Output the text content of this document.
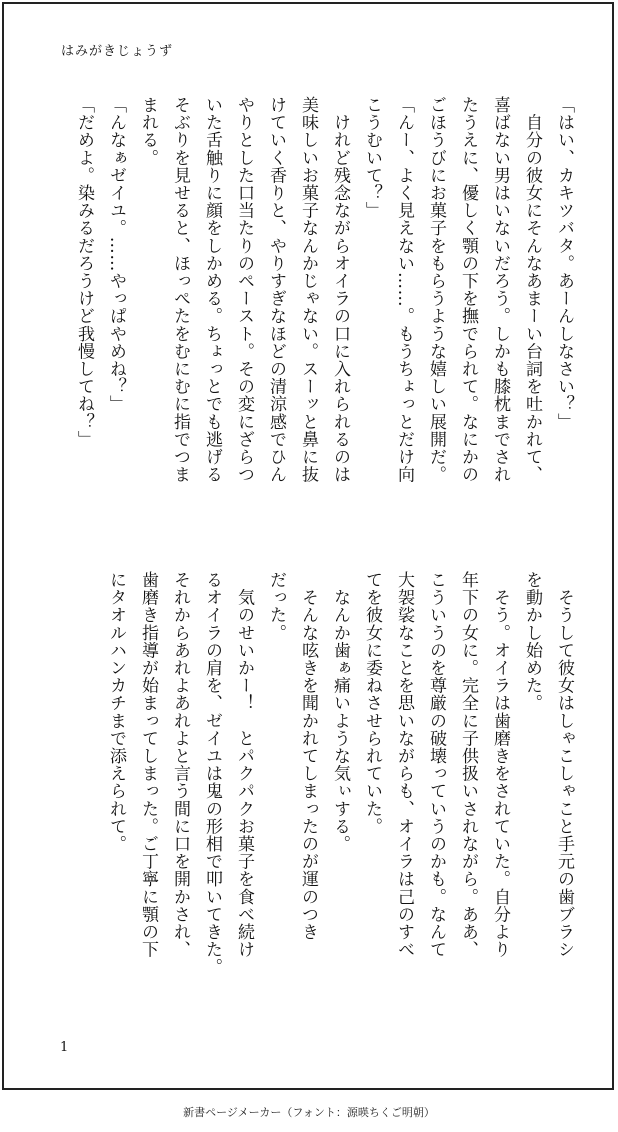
はみがきじょうず
「はい、カキツバタ。あーんしなさい？」
　自分の彼女にそんなあまーい台詞を吐かれて、
喜ばない男はいないだろう。しかも膝枕までされ
たうえに、優しく顎の下を撫でられて。なにかの
ごほうびにお菓子をもらうような嬉しい展開だ。
「んー、よく見えない……。もうちょっとだけ向
こうむいて？」
　けれど残念ながらオイラの口に入れられるのは
美味しいお菓子なんかじゃない。スーッと鼻に抜
けていく香りと、やりすぎなほどの清涼感でひん
やりとした口当たりのペースト。その変にざらつ
いた舌触りに顔をしかめる。ちょっとでも逃げる
そぶりを見せると、ほっぺたをむにむに指でつま
まれる。
「んなぁゼイユ。……やっぱやめね？」
「だめよ。染みるだろうけど我慢してね？」
　そうして彼女はしゃこしゃこと手元の歯ブラシ
を動かし始めた。
　そう。オイラは歯磨きをされていた。自分より
年下の女に。完全に子供扱いされながら。ああ、
こういうのを尊厳の破壊っていうのかも。なんて
大袈裟なことを思いながらも、オイラは己のすべ
てを彼女に委ねさせられていた。
　なんか歯ぁ痛いような気ぃする。
　そんな呟きを聞かれてしまったのが運のつき
だった。
　気のせいかー！　とパクパクお菓子を食べ続け
るオイラの肩を、ゼイユは鬼の形相で叩いてきた。
それからあれよあれよと言う間に口を開かされ、
歯磨き指導が始まってしまった。ご丁寧に顎の下
にタオルハンカチまで添えられて。
1
新書ページメーカー（フォント：源暎ちくご明朝）
